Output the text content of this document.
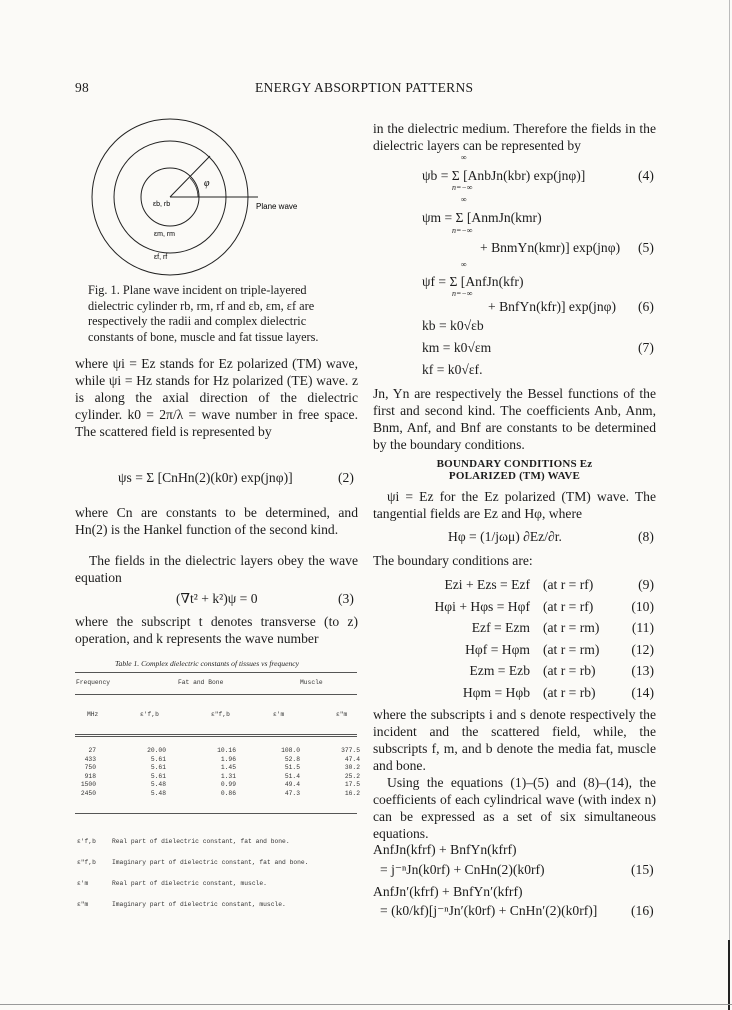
98	ENERGY ABSORPTION PATTERNS
φ
εb, rb	Plane wave
εm, rm
εf, rf
Fig. 1. Plane wave incident on triple-layered dielectric cylinder rb, rm, rf and εb, εm, εf are respectively the radii and complex dielectric constants of bone, muscle and fat tissue layers.
where ψi = Ez stands for Ez polarized (TM) wave, while ψi = Hz stands for Hz polarized (TE) wave. z is along the axial direction of the dielectric cylinder. k0 = 2π/λ = wave number in free space. The scattered field is represented by
ψs = Σ [CnHn(2)(k0r) exp(jnφ)]	(2)
where Cn are constants to be determined, and Hn(2) is the Hankel function of the second kind.
The fields in the dielectric layers obey the wave equation
(∇t² + k²)ψ = 0	(3)
where the subscript t denotes transverse (to z) operation, and k represents the wave number
Table 1. Complex dielectric constants of tissues vs frequency
Frequency	Fat and Bone	Muscle
MHz	ε'f,b	ε"f,b	ε'm	ε"m
27	20.00	10.16	108.0	377.5
433	5.61	1.96	52.8	47.4
750	5.61	1.45	51.5	30.2
918	5.61	1.31	51.4	25.2
1500	5.48	0.99	49.4	17.5
2450	5.48	0.86	47.3	16.2
ε'f,b	Real part of dielectric constant, fat and bone.
ε"f,b	Imaginary part of dielectric constant, fat and bone.
ε'm	Real part of dielectric constant, muscle.
ε"m	Imaginary part of dielectric constant, muscle.
in the dielectric medium. Therefore the fields in the dielectric layers can be represented by
∞
ψb = Σ [AnbJn(kbr) exp(jnφ)]
n=−∞
(4)
∞
ψm = Σ [AnmJn(kmr)
n=−∞
+ BnmYn(kmr)] exp(jnφ) (5)
∞
ψf = Σ [AnfJn(kfr)
n=−∞
+ BnfYn(kfr)] exp(jnφ) (6)
kb = k0√εb
km = k0√εm	(7)
kf = k0√εf.
Jn, Yn are respectively the Bessel functions of the first and second kind. The coefficients Anb, Anm, Bnm, Anf, and Bnf are constants to be determined by the boundary conditions.
BOUNDARY CONDITIONS Ez
POLARIZED (TM) WAVE
ψi = Ez for the Ez polarized (TM) wave. The tangential fields are Ez and Hφ, where
Hφ = (1/jωμ) ∂Ez/∂r.	(8)
The boundary conditions are:
Ezi + Ezs = Ezf (at r = rf)	(9)
Hφi + Hφs = Hφf (at r = rf)	(10)
Ezf = Ezm (at r = rm)	(11)
Hφf = Hφm (at r = rm)	(12)
Ezm = Ezb (at r = rb)	(13)
Hφm = Hφb (at r = rb)	(14)
where the subscripts i and s denote respectively the incident and the scattered field, while, the subscripts f, m, and b denote the media fat, muscle and bone.
Using the equations (1)–(5) and (8)–(14), the coefficients of each cylindrical wave (with index n) can be expressed as a set of six simultaneous equations.
AnfJn(kfrf) + BnfYn(kfrf)
= j⁻ⁿJn(k0rf) + CnHn(2)(k0rf)	(15)
AnfJn′(kfrf) + BnfYn′(kfrf)
= (k0/kf)[j⁻ⁿJn′(k0rf) + CnHn′(2)(k0rf)] (16)
